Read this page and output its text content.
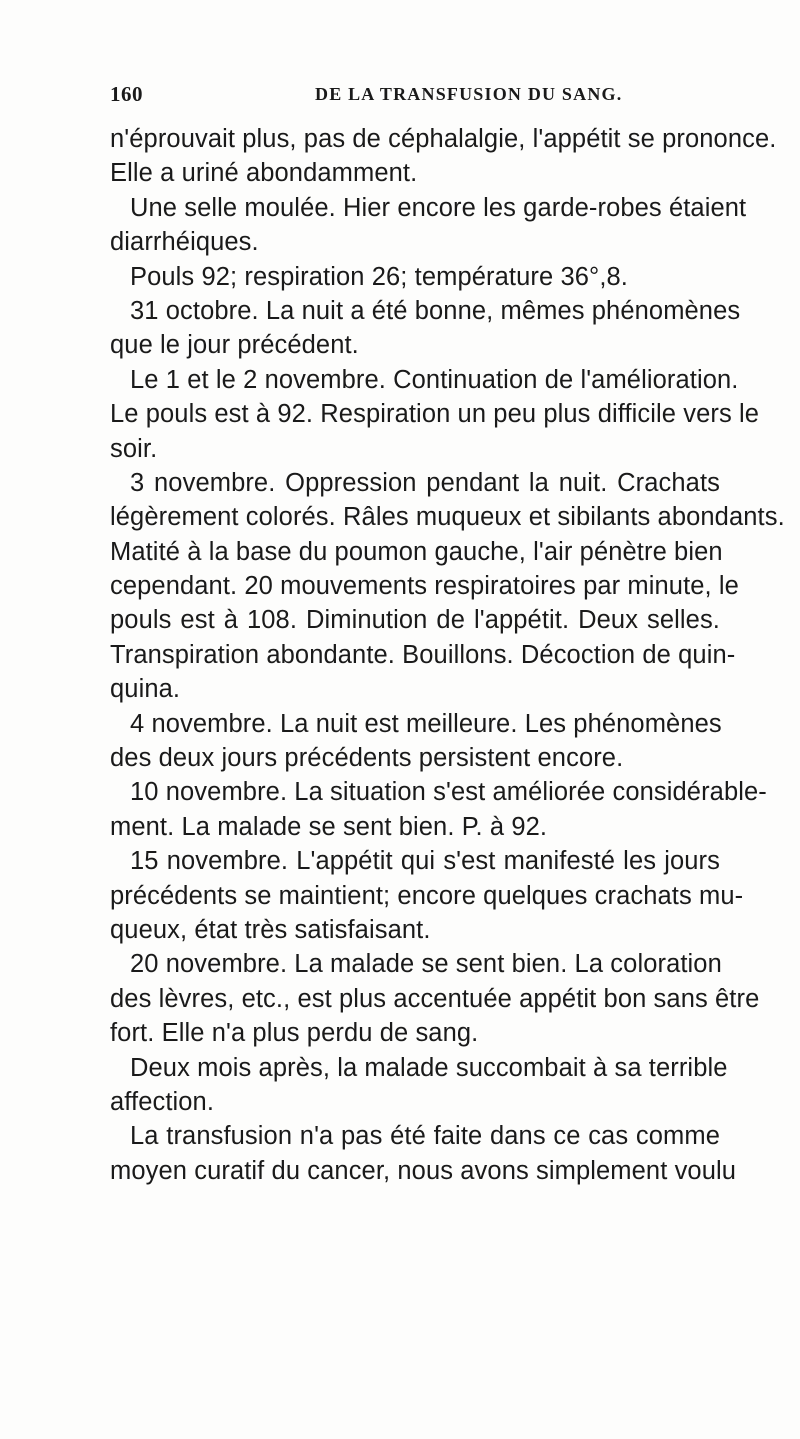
160	DE LA TRANSFUSION DU SANG.
n'éprouvait plus, pas de céphalalgie, l'appétit se prononce.
Elle a uriné abondamment.
Une selle moulée. Hier encore les garde-robes étaient
diarrhéiques.
Pouls 92; respiration 26; température 36°,8.
31 octobre. La nuit a été bonne, mêmes phénomènes
que le jour précédent.
Le 1 et le 2 novembre. Continuation de l'amélioration.
Le pouls est à 92. Respiration un peu plus difficile vers le
soir.
3 novembre. Oppression pendant la nuit. Crachats
légèrement colorés. Râles muqueux et sibilants abondants.
Matité à la base du poumon gauche, l'air pénètre bien
cependant. 20 mouvements respiratoires par minute, le
pouls est à 108. Diminution de l'appétit. Deux selles.
Transpiration abondante. Bouillons. Décoction de quin-
quina.
4 novembre. La nuit est meilleure. Les phénomènes
des deux jours précédents persistent encore.
10 novembre. La situation s'est améliorée considérable-
ment. La malade se sent bien. P. à 92.
15 novembre. L'appétit qui s'est manifesté les jours
précédents se maintient; encore quelques crachats mu-
queux, état très satisfaisant.
20 novembre. La malade se sent bien. La coloration
des lèvres, etc., est plus accentuée appétit bon sans être
fort. Elle n'a plus perdu de sang.
Deux mois après, la malade succombait à sa terrible
affection.
La transfusion n'a pas été faite dans ce cas comme
moyen curatif du cancer, nous avons simplement voulu
